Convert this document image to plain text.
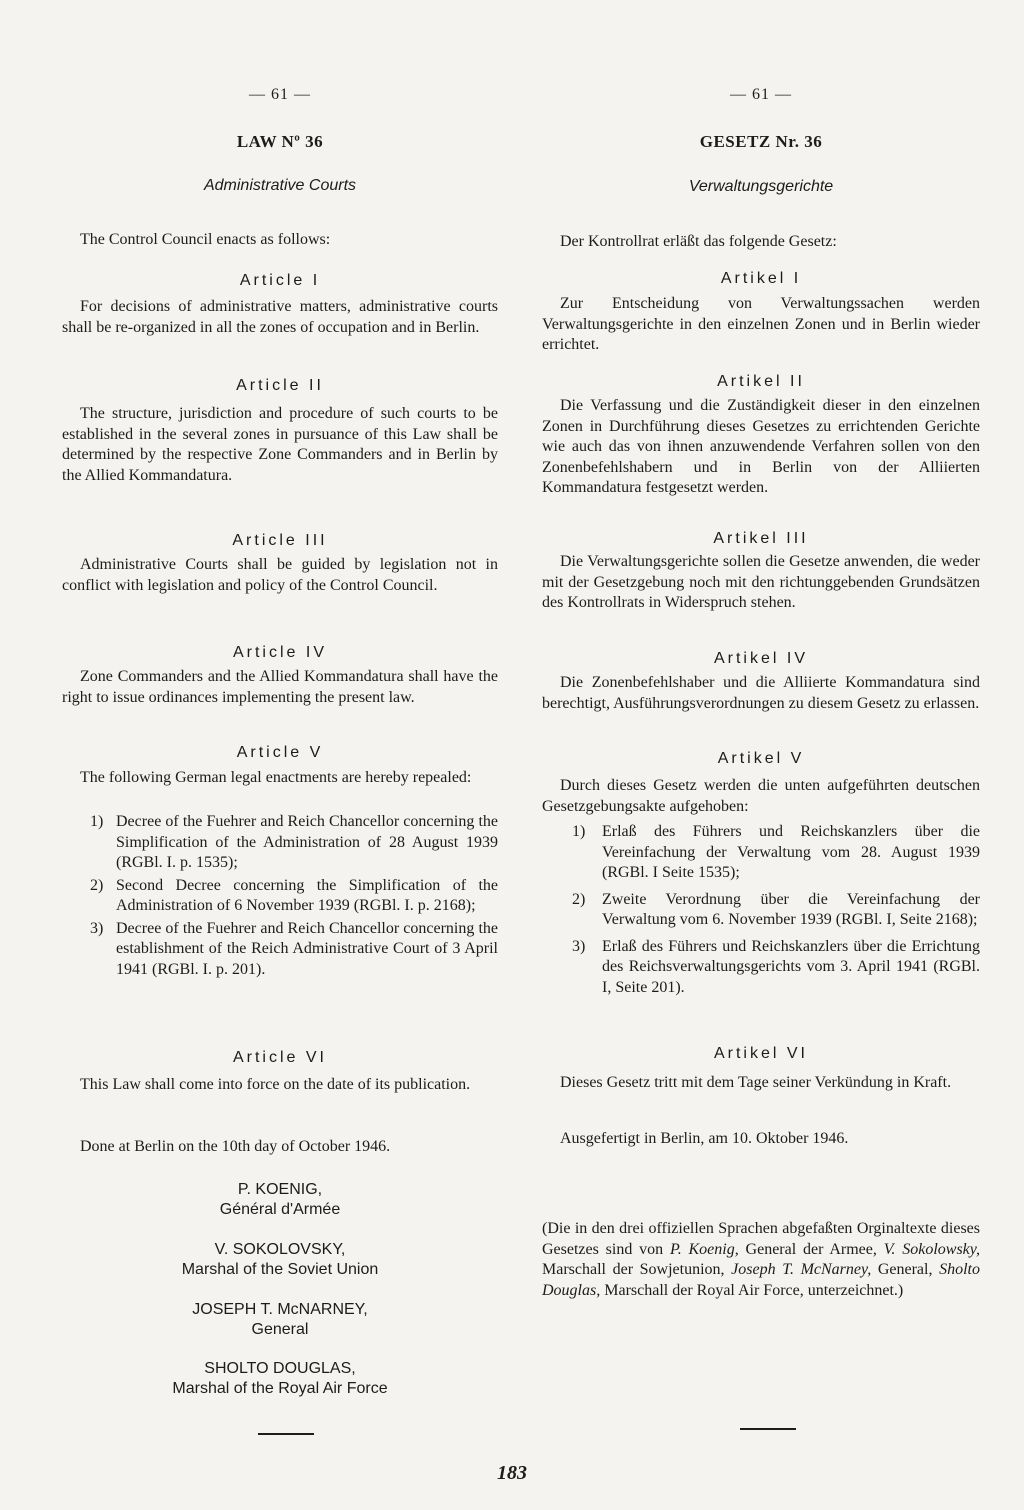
— 61 —
LAW Nº 36
Administrative Courts
The Control Council enacts as follows:
Article I
For decisions of administrative matters, administrative courts shall be re-organized in all the zones of occupation and in Berlin.
Article II
The structure, jurisdiction and procedure of such courts to be established in the several zones in pursuance of this Law shall be determined by the respective Zone Commanders and in Berlin by the Allied Kommandatura.
Article III
Administrative Courts shall be guided by legislation not in conflict with legislation and policy of the Control Council.
Article IV
Zone Commanders and the Allied Kommandatura shall have the right to issue ordinances implementing the present law.
Article V
The following German legal enactments are hereby repealed:
1) Decree of the Fuehrer and Reich Chancellor concerning the Simplification of the Administration of 28 August 1939 (RGBl. I. p. 1535);
2) Second Decree concerning the Simplification of the Administration of 6 November 1939 (RGBl. I. p. 2168);
3) Decree of the Fuehrer and Reich Chancellor concerning the establishment of the Reich Administrative Court of 3 April 1941 (RGBl. I. p. 201).
Article VI
This Law shall come into force on the date of its publication.
Done at Berlin on the 10th day of October 1946.
P. KOENIG,
Général d'Armée
V. SOKOLOVSKY,
Marshal of the Soviet Union
JOSEPH T. McNARNEY,
General
SHOLTO DOUGLAS,
Marshal of the Royal Air Force
— 61 —
GESETZ Nr. 36
Verwaltungsgerichte
Der Kontrollrat erläßt das folgende Gesetz:
Artikel I
Zur Entscheidung von Verwaltungssachen werden Verwaltungsgerichte in den einzelnen Zonen und in Berlin wieder errichtet.
Artikel II
Die Verfassung und die Zuständigkeit dieser in den einzelnen Zonen in Durchführung dieses Gesetzes zu errichtenden Gerichte wie auch das von ihnen anzuwendende Verfahren sollen von den Zonenbefehlshabern und in Berlin von der Alliierten Kommandatura festgesetzt werden.
Artikel III
Die Verwaltungsgerichte sollen die Gesetze anwenden, die weder mit der Gesetzgebung noch mit den richtunggebenden Grundsätzen des Kontrollrats in Widerspruch stehen.
Artikel IV
Die Zonenbefehlshaber und die Alliierte Kommandatura sind berechtigt, Ausführungsverordnungen zu diesem Gesetz zu erlassen.
Artikel V
Durch dieses Gesetz werden die unten aufgeführten deutschen Gesetzgebungsakte aufgehoben:
1) Erlaß des Führers und Reichskanzlers über die Vereinfachung der Verwaltung vom 28. August 1939 (RGBl. I Seite 1535);
2) Zweite Verordnung über die Vereinfachung der Verwaltung vom 6. November 1939 (RGBl. I, Seite 2168);
3) Erlaß des Führers und Reichskanzlers über die Errichtung des Reichsverwaltungsgerichts vom 3. April 1941 (RGBl. I, Seite 201).
Artikel VI
Dieses Gesetz tritt mit dem Tage seiner Verkündung in Kraft.
Ausgefertigt in Berlin, am 10. Oktober 1946.
(Die in den drei offiziellen Sprachen abgefaßten Orginaltexte dieses Gesetzes sind von P. Koenig, General der Armee, V. Sokolowsky, Marschall der Sowjetunion, Joseph T. McNarney, General, Sholto Douglas, Marschall der Royal Air Force, unterzeichnet.)
183
